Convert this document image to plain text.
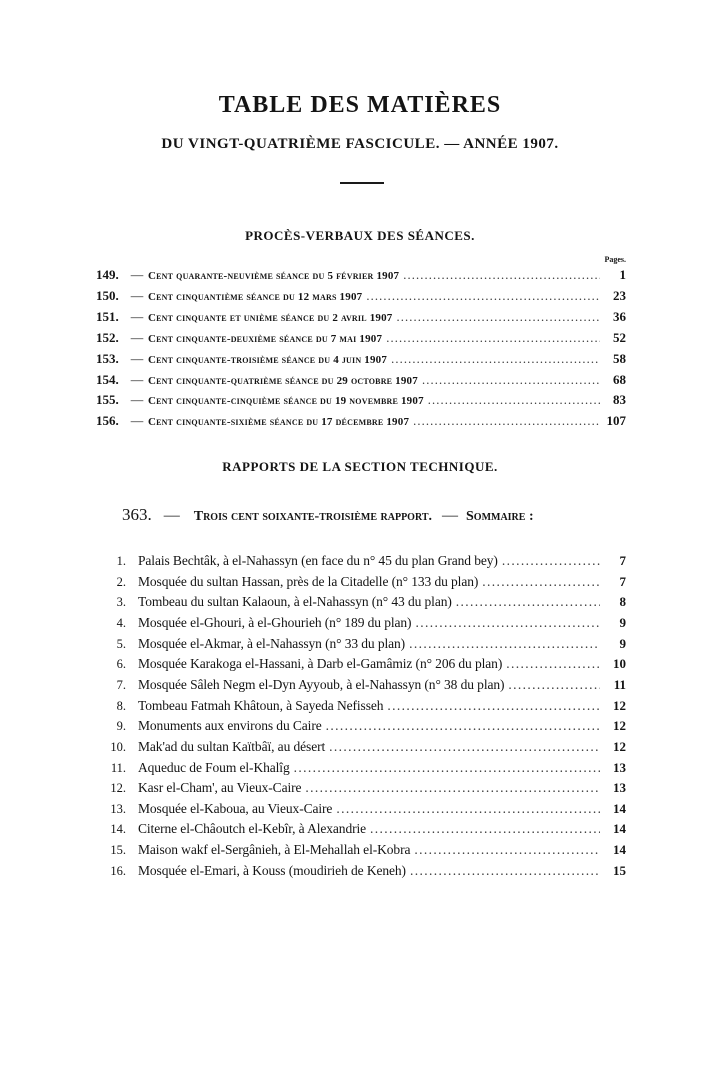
TABLE DES MATIÈRES
DU VINGT-QUATRIÈME FASCICULE. — ANNÉE 1907.
PROCÈS-VERBAUX DES SÉANCES.
Pages.
149. — Cent quarante-neuvième séance du 5 février 1907 . . .	1
150. — Cent cinquantième séance du 12 mars 1907 . . .	23
151. — Cent cinquante et unième séance du 2 avril 1907 . . .	36
152. — Cent cinquante-deuxième séance du 7 mai 1907 . . .	52
153. — Cent cinquante-troisième séance du 4 juin 1907 . . .	58
154. — Cent cinquante-quatrième séance du 29 octobre 1907 . . .	68
155. — Cent cinquante-cinquième séance du 19 novembre 1907 . . .	83
156. — Cent cinquante-sixième séance du 17 décembre 1907 . . .	107
RAPPORTS DE LA SECTION TECHNIQUE.
363. — Trois cent soixante-troisième rapport. — Sommaire :
1. Palais Bechtâk, à el-Nahassyn (en face du n° 45 du plan Grand bey) . . .	7
2. Mosquée du sultan Hassan, près de la Citadelle (n° 133 du plan) . . .	7
3. Tombeau du sultan Kalaoun, à el-Nahassyn (n° 43 du plan) . . .	8
4. Mosquée el-Ghouri, à el-Ghourieh (n° 189 du plan) . . .	9
5. Mosquée el-Akmar, à el-Nahassyn (n° 33 du plan) . . .	9
6. Mosquée Karakoga el-Hassani, à Darb el-Gamâmiz (n° 206 du plan) . . .	10
7. Mosquée Sâleh Negm el-Dyn Ayyoub, à el-Nahassyn (n° 38 du plan) . . .	11
8. Tombeau Fatmah Khâtoun, à Sayeda Nefisseh . . .	12
9. Monuments aux environs du Caire . . .	12
10. Mak'ad du sultan Kaïtbâï, au désert . . .	12
11. Aqueduc de Foum el-Khalîg . . .	13
12. Kasr el-Cham', au Vieux-Caire . . .	13
13. Mosquée el-Kaboua, au Vieux-Caire . . .	14
14. Citerne el-Châoutch el-Kebîr, à Alexandrie . . .	14
15. Maison wakf el-Sergânieh, à El-Mehallah el-Kobra . . .	14
16. Mosquée el-Emari, à Kouss (moudirieh de Keneh) . . .	15
